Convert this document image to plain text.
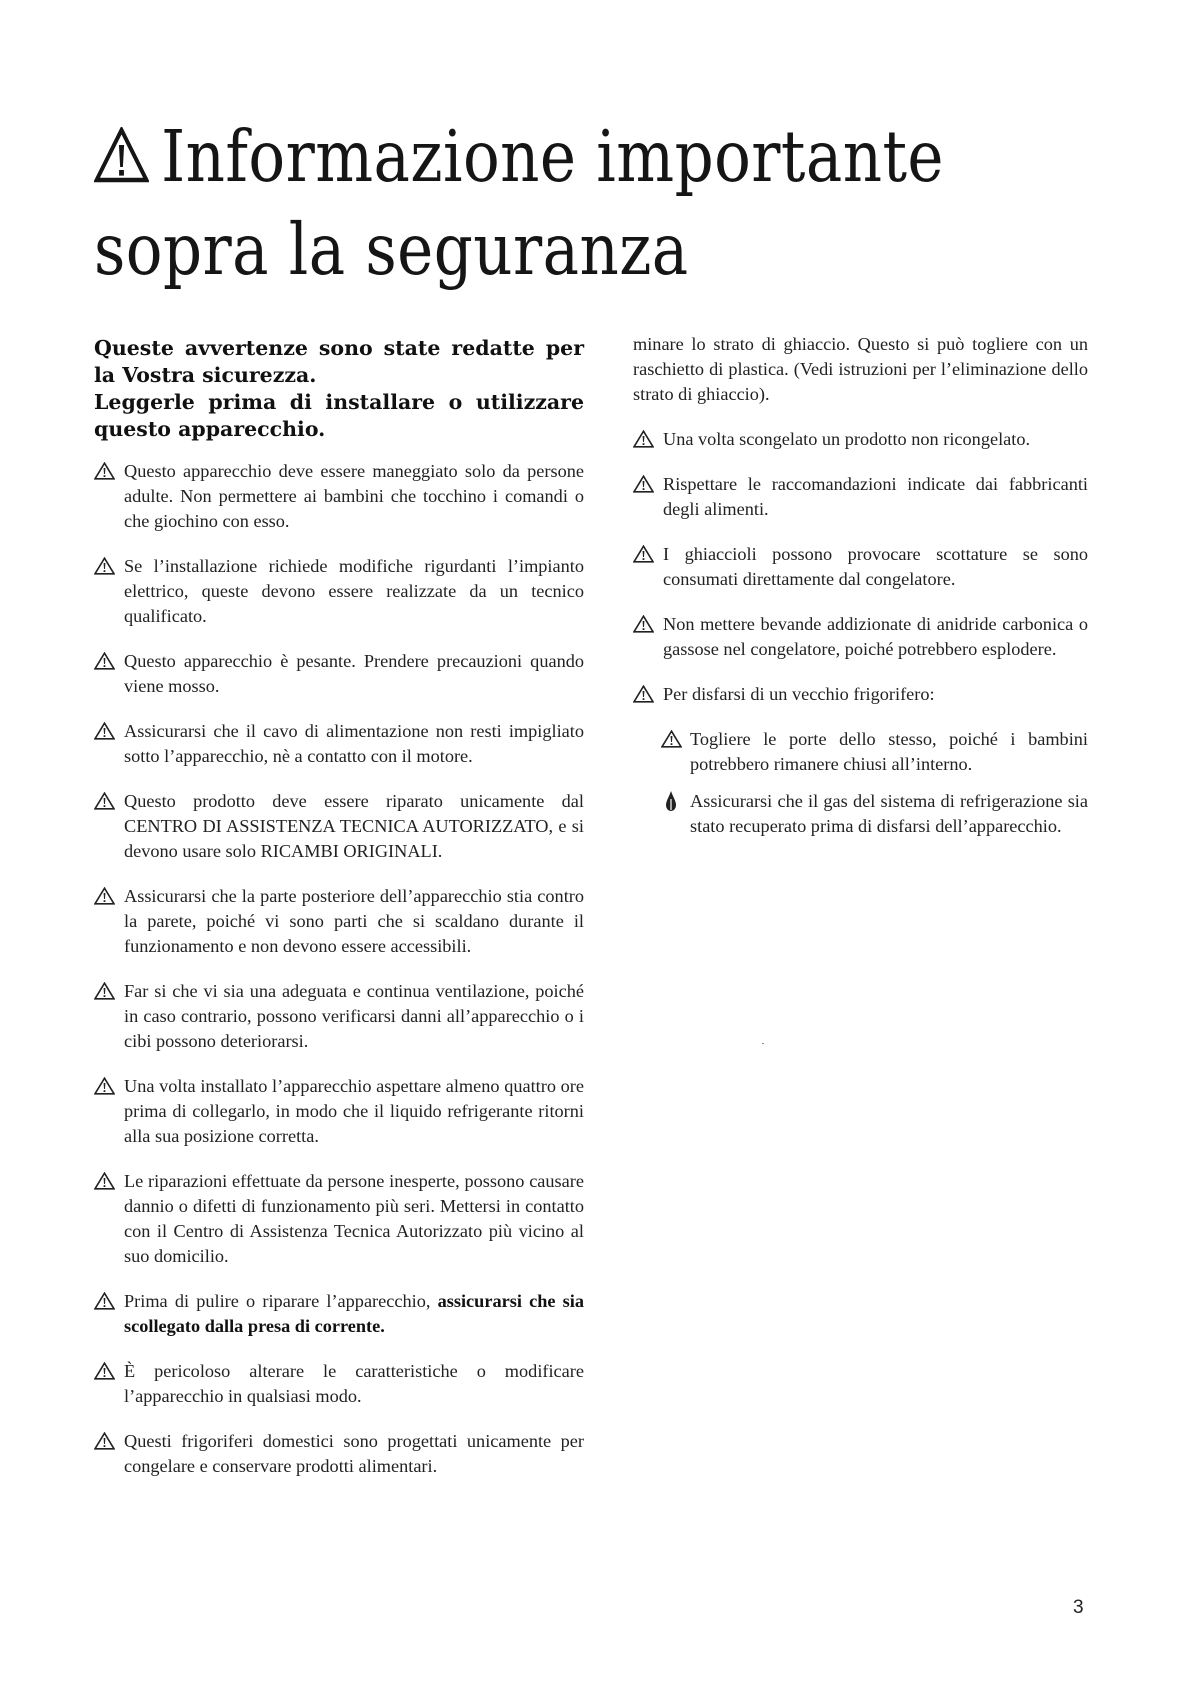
Informazione importante
sopra la seguranza
Queste avvertenze sono state redatte per la Vostra sicurezza.
Leggerle prima di installare o utilizzare questo apparecchio.
Questo apparecchio deve essere maneggiato solo da persone adulte. Non permettere ai bambini che tocchino i comandi o che giochino con esso.
Se l’installazione richiede modifiche rigurdanti l’impianto elettrico, queste devono essere realizzate da un tecnico qualificato.
Questo apparecchio è pesante. Prendere precauzioni quando viene mosso.
Assicurarsi che il cavo di alimentazione non resti impigliato sotto l’apparecchio, nè a contatto con il motore.
Questo prodotto deve essere riparato unicamente dal CENTRO DI ASSISTENZA TECNICA AUTORIZZATO, e si devono usare solo RICAMBI ORIGINALI.
Assicurarsi che la parte posteriore dell’apparecchio stia contro la parete, poiché vi sono parti che si scaldano durante il funzionamento e non devono essere accessibili.
Far si che vi sia una adeguata e continua ventilazione, poiché in caso contrario, possono verificarsi danni all’apparecchio o i cibi possono deteriorarsi.
Una volta installato l’apparecchio aspettare almeno quattro ore prima di collegarlo, in modo che il liquido refrigerante ritorni alla sua posizione corretta.
Le riparazioni effettuate da persone inesperte, possono causare dannio o difetti di funzionamento più seri. Mettersi in contatto con il Centro di Assistenza Tecnica Autorizzato più vicino al suo domicilio.
Prima di pulire o riparare l’apparecchio, assicurarsi che sia scollegato dalla presa di corrente.
È pericoloso alterare le caratteristiche o modificare l’apparecchio in qualsiasi modo.
Questi frigoriferi domestici sono progettati unicamente per congelare e conservare prodotti alimentari.

minare lo strato di ghiaccio. Questo si può togliere con un raschietto di plastica. (Vedi istruzioni per l’eliminazione dello strato di ghiaccio).

Una volta scongelato un prodotto non ricongelato.
Rispettare le raccomandazioni indicate dai fabbricanti degli alimenti.
I ghiaccioli possono provocare scottature se sono consumati direttamente dal congelatore.
Non mettere bevande addizionate di anidride carbonica o gassose nel congelatore, poiché potrebbero esplodere.
Per disfarsi di un vecchio frigorifero:
Togliere le porte dello stesso, poiché i bambini potrebbero rimanere chiusi all’interno.
Assicurarsi che il gas del sistema di refrigerazione sia stato recuperato prima di disfarsi dell’apparecchio.
3
